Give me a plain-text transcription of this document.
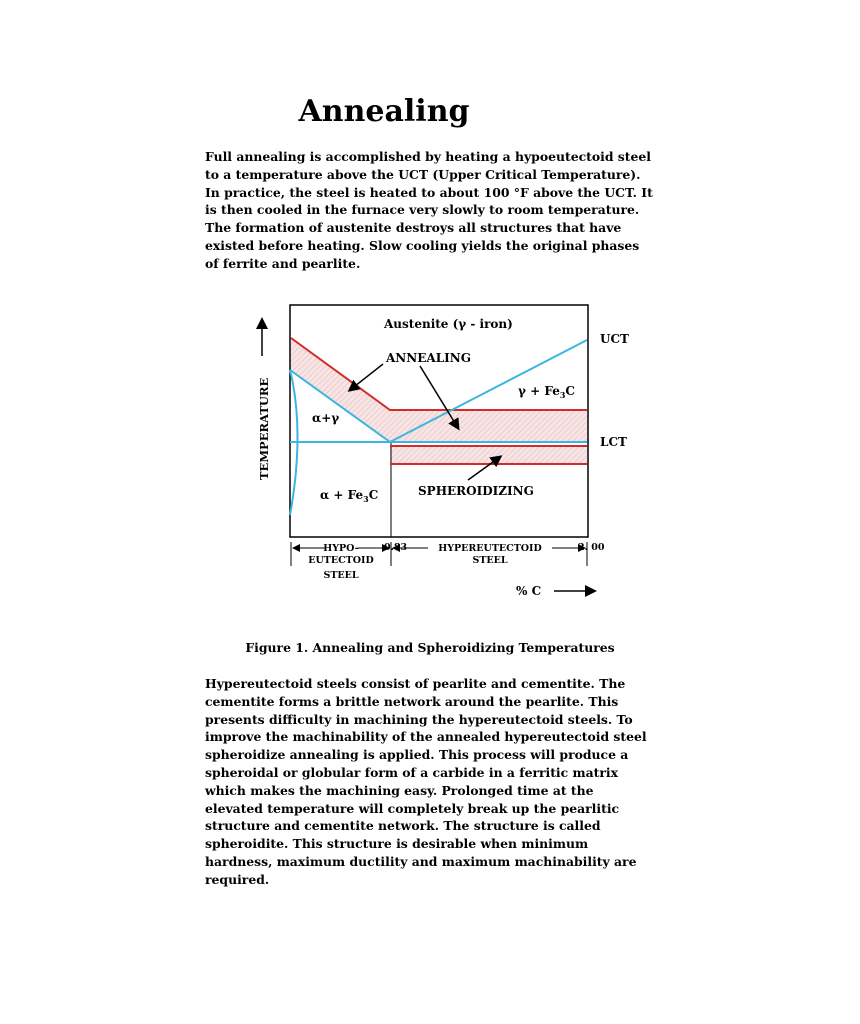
Annealing

Full annealing is accomplished by heating a hypoeutectoid steel to a temperature above the UCT (Upper Critical Temperature). In practice, the steel is heated to about 100 °F above the UCT. It is then cooled in the furnace very slowly to room temperature. The formation of austenite destroys all structures that have existed before heating. Slow cooling yields the original phases of ferrite and pearlite.

Austenite (γ - iron)
ANNEALING
α+γ
$\gamma + Fe_3C$
$\alpha + Fe_3C$	SPHEROIDIZING
UCT
LCT
TEMPERATURE
0.83	2. 00
HYPO-
EUTECTOID
STEEL
HYPEREUTECTOID
STEEL
% C
Figure 1. Annealing and Spheroidizing Temperatures

Hypereutectoid steels consist of pearlite and cementite. The cementite forms a brittle network around the pearlite. This presents difficulty in machining the hypereutectoid steels. To improve the machinability of the annealed hypereutectoid steel spheroidize annealing is applied. This process will produce a spheroidal or globular form of a carbide in a ferritic matrix which makes the machining easy. Prolonged time at the elevated temperature will completely break up the pearlitic structure and cementite network. The structure is called spheroidite. This structure is desirable when minimum hardness, maximum ductility and maximum machinability are required.
